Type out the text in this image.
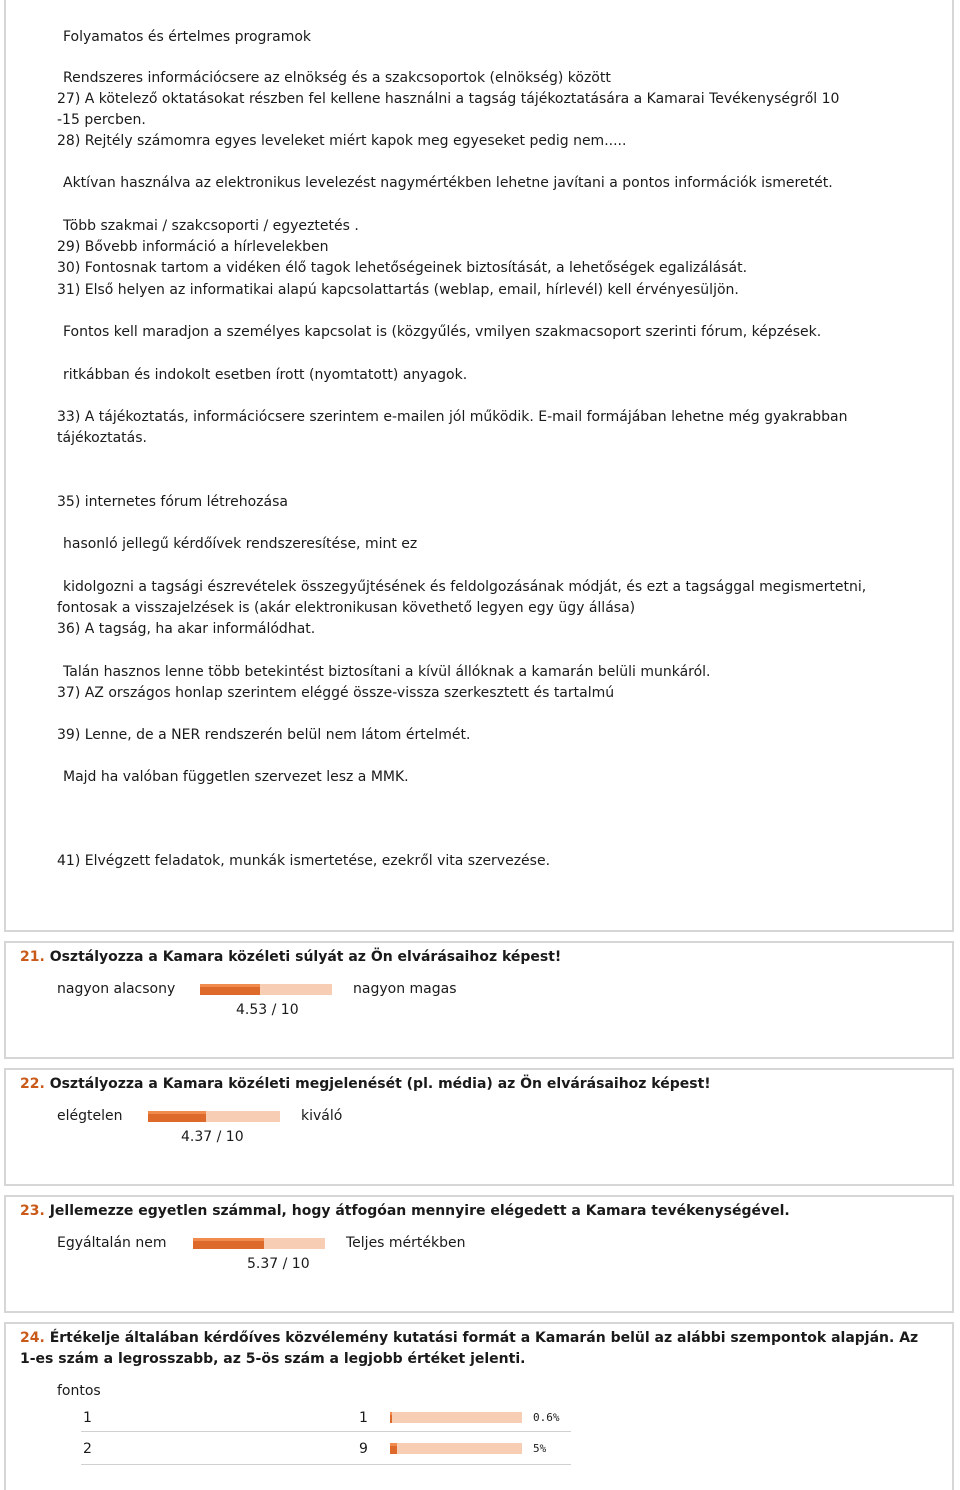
Folyamatos és értelmes programok
Rendszeres információcsere az elnökség és a szakcsoportok (elnökség) között
27) A kötelező oktatásokat részben fel kellene használni a tagság tájékoztatására a Kamarai Tevékenységről 10
-15 percben.
28) Rejtély számomra egyes leveleket miért kapok meg egyeseket pedig nem.....
Aktívan használva az elektronikus levelezést nagymértékben lehetne javítani a pontos információk ismeretét.
Több szakmai / szakcsoporti / egyeztetés .
29) Bővebb információ a hírlevelekben
30) Fontosnak tartom a vidéken élő tagok lehetőségeinek biztosítását, a lehetőségek egalizálását.
31) Első helyen az informatikai alapú kapcsolattartás (weblap, email, hírlevél) kell érvényesüljön.
Fontos kell maradjon a személyes kapcsolat is (közgyűlés, vmilyen szakmacsoport szerinti fórum, képzések.
ritkábban és indokolt esetben írott (nyomtatott) anyagok.
33) A tájékoztatás, információcsere szerintem e-mailen jól működik. E-mail formájában lehetne még gyakrabban
tájékoztatás.
35) internetes fórum létrehozása
hasonló jellegű kérdőívek rendszeresítése, mint ez
kidolgozni a tagsági észrevételek összegyűjtésének és feldolgozásának módját, és ezt a tagsággal megismertetni,
fontosak a visszajelzések is (akár elektronikusan követhető legyen egy ügy állása)
36) A tagság, ha akar informálódhat.
Talán hasznos lenne több betekintést biztosítani a kívül állóknak a kamarán belüli munkáról.
37) AZ országos honlap szerintem eléggé össze-vissza szerkesztett és tartalmú
39) Lenne, de a NER rendszerén belül nem látom értelmét.
Majd ha valóban független szervezet lesz a MMK.
41) Elvégzett feladatok, munkák ismertetése, ezekről vita szervezése.
21. Osztályozza a Kamara közéleti súlyát az Ön elvárásaihoz képest!
nagyon alacsony	nagyon magas
4.53 / 10
22. Osztályozza a Kamara közéleti megjelenését (pl. média) az Ön elvárásaihoz képest!
elégtelen	kiváló
4.37 / 10
23. Jellemezze egyetlen számmal, hogy átfogóan mennyire elégedett a Kamara tevékenységével.
Egyáltalán nem	Teljes mértékben
5.37 / 10
24. Értékelje általában kérdőíves közvélemény kutatási formát a Kamarán belül az alábbi szempontok alapján. Az
1-es szám a legrosszabb, az 5-ös szám a legjobb értéket jelenti.
fontos
1	1	0.6%
2	9	5%
